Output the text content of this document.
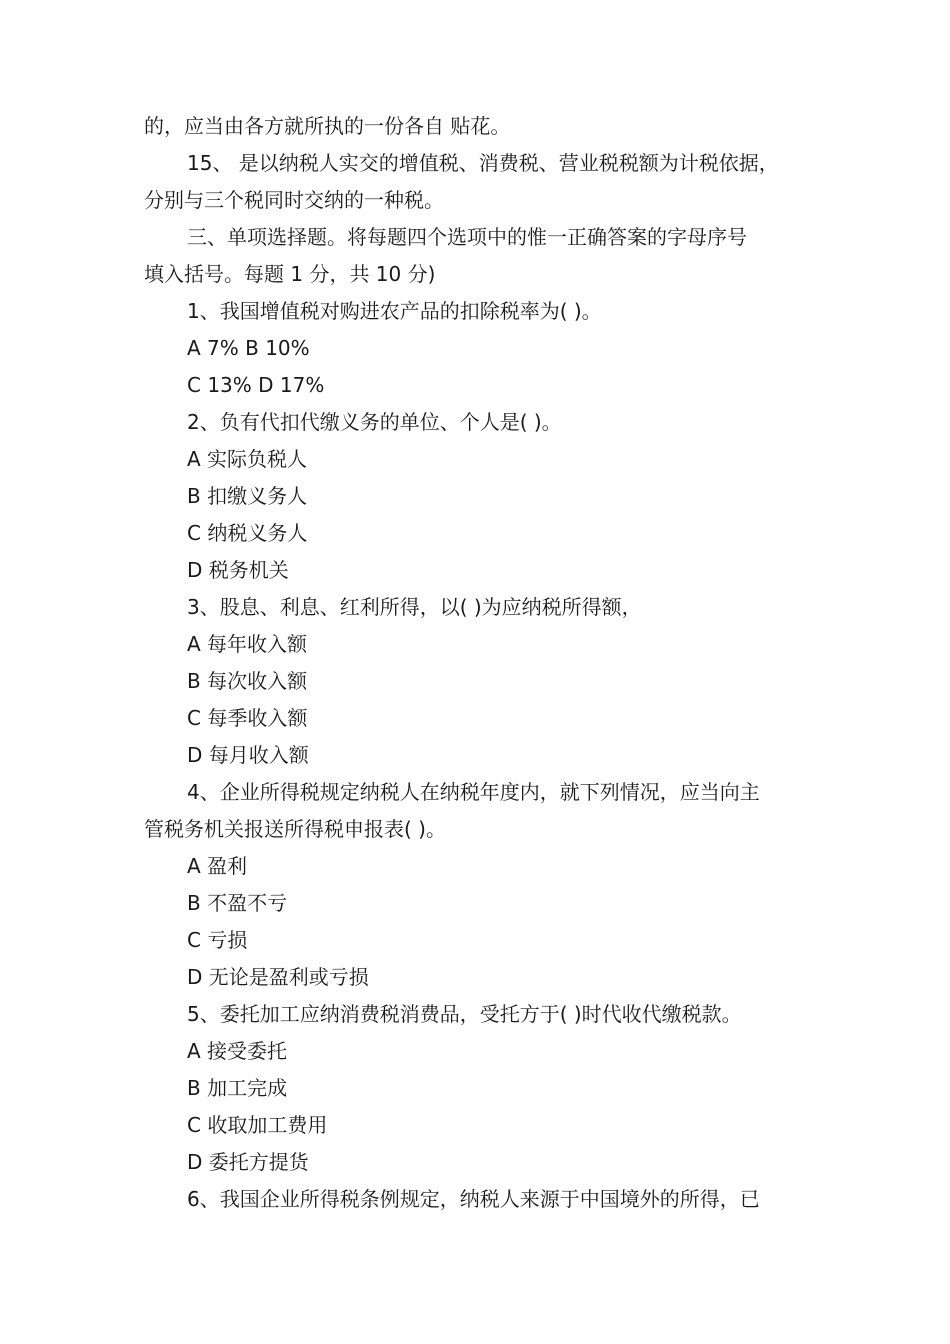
的，应当由各方就所执的一份各自 贴花。
15、 是以纳税人实交的增值税、消费税、营业税税额为计税依据，
分别与三个税同时交纳的一种税。
三、单项选择题。将每题四个选项中的惟一正确答案的字母序号
填入括号。每题 1 分，共 10 分)
1、我国增值税对购进农产品的扣除税率为( )。
A 7% B 10%
C 13% D 17%
2、负有代扣代缴义务的单位、个人是( )。
A 实际负税人
B 扣缴义务人
C 纳税义务人
D 税务机关
3、股息、利息、红利所得，以( )为应纳税所得额，
A 每年收入额
B 每次收入额
C 每季收入额
D 每月收入额
4、企业所得税规定纳税人在纳税年度内，就下列情况，应当向主
管税务机关报送所得税申报表( )。
A 盈利
B 不盈不亏
C 亏损
D 无论是盈利或亏损
5、委托加工应纳消费税消费品，受托方于( )时代收代缴税款。
A 接受委托
B 加工完成
C 收取加工费用
D 委托方提货
6、我国企业所得税条例规定，纳税人来源于中国境外的所得，已
